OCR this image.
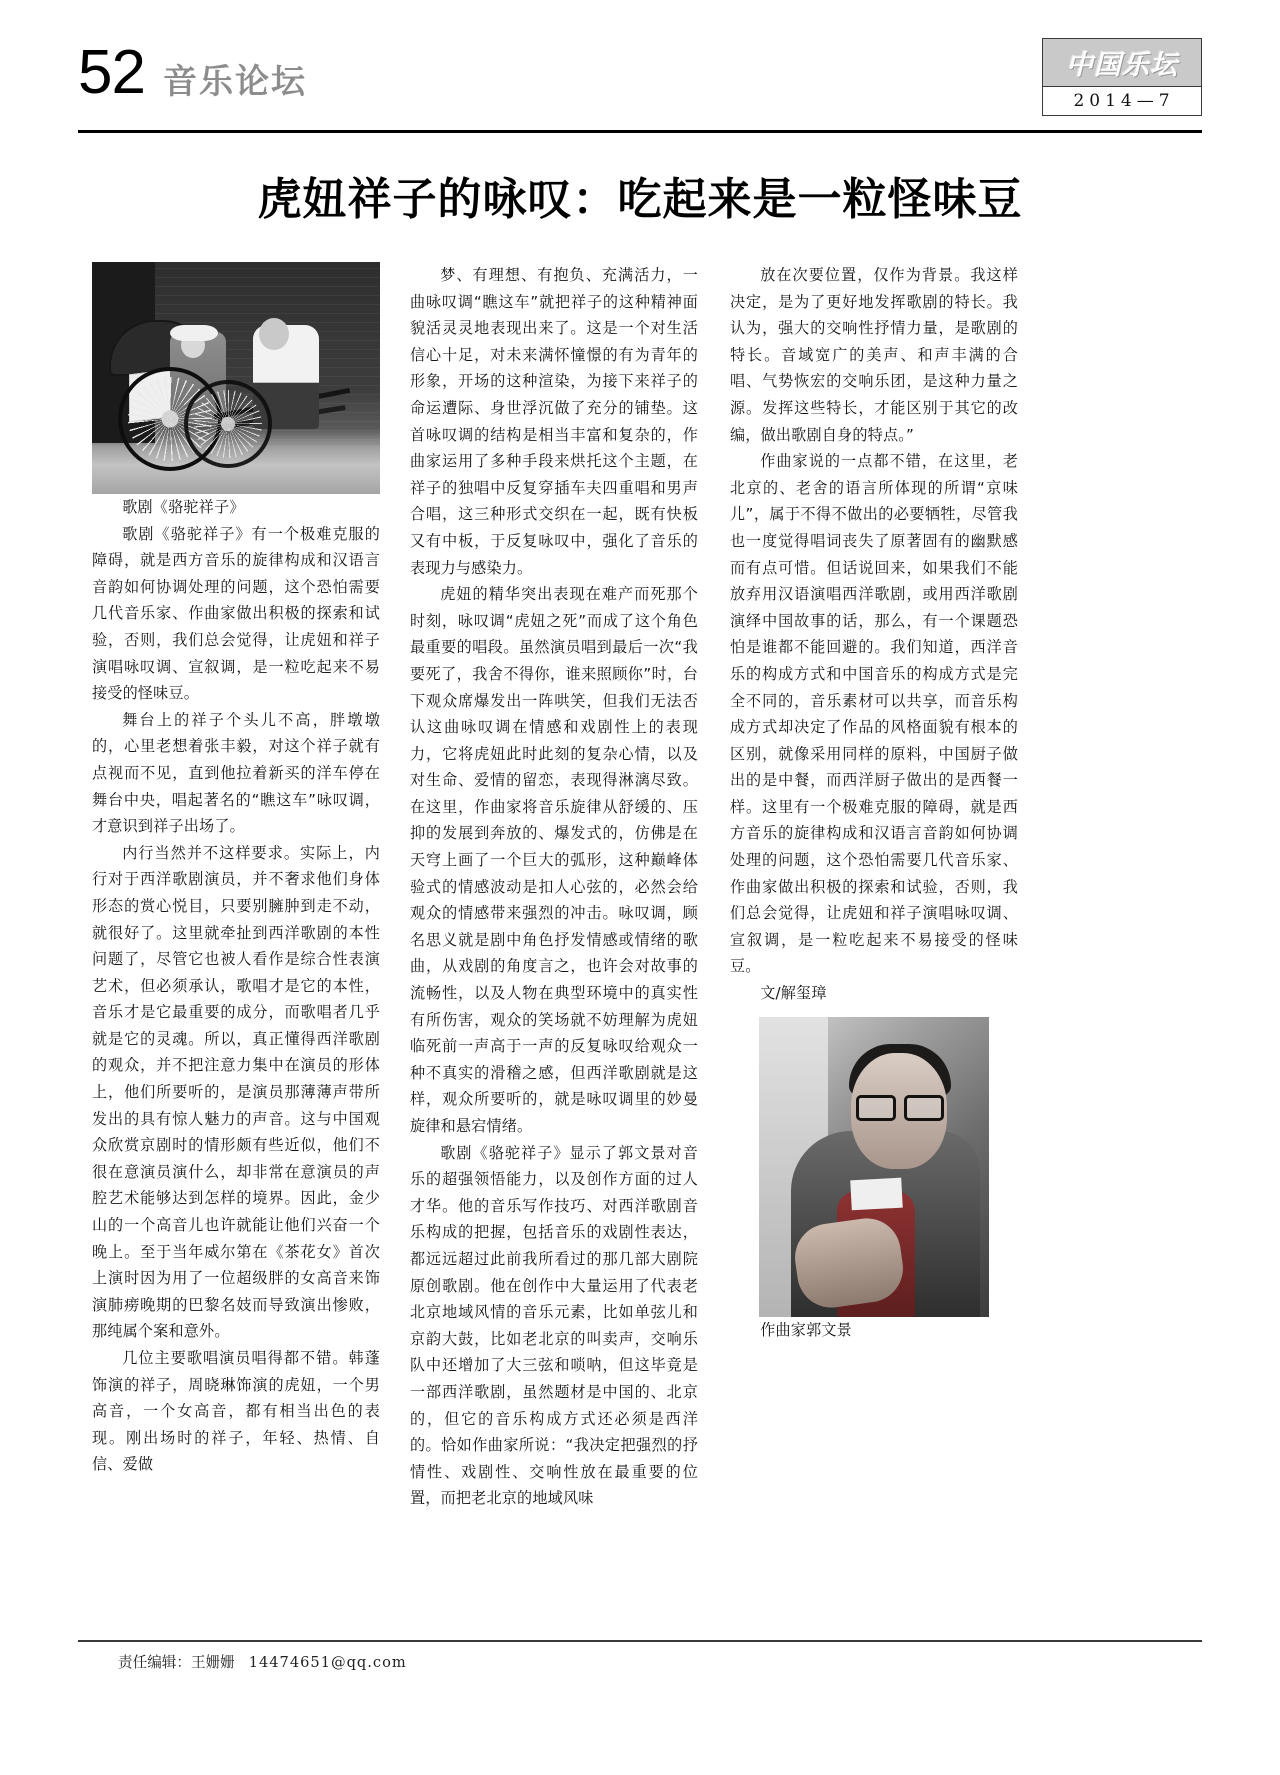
52 音乐论坛	中国乐坛
2014—7
虎妞祥子的咏叹：吃起来是一粒怪味豆

歌剧《骆驼祥子》

歌剧《骆驼祥子》有一个极难克服的障碍，就是西方音乐的旋律构成和汉语言音韵如何协调处理的问题，这个恐怕需要几代音乐家、作曲家做出积极的探索和试验，否则，我们总会觉得，让虎妞和祥子演唱咏叹调、宣叙调，是一粒吃起来不易接受的怪味豆。

舞台上的祥子个头儿不高，胖墩墩的，心里老想着张丰毅，对这个祥子就有点视而不见，直到他拉着新买的洋车停在舞台中央，唱起著名的“瞧这车”咏叹调，才意识到祥子出场了。

内行当然并不这样要求。实际上，内行对于西洋歌剧演员，并不奢求他们身体形态的赏心悦目，只要别臃肿到走不动，就很好了。这里就牵扯到西洋歌剧的本性问题了，尽管它也被人看作是综合性表演艺术，但必须承认，歌唱才是它的本性，音乐才是它最重要的成分，而歌唱者几乎就是它的灵魂。所以，真正懂得西洋歌剧的观众，并不把注意力集中在演员的形体上，他们所要听的，是演员那薄薄声带所发出的具有惊人魅力的声音。这与中国观众欣赏京剧时的情形颇有些近似，他们不很在意演员演什么，却非常在意演员的声腔艺术能够达到怎样的境界。因此，金少山的一个高音儿也许就能让他们兴奋一个晚上。至于当年威尔第在《茶花女》首次上演时因为用了一位超级胖的女高音来饰演肺痨晚期的巴黎名妓而导致演出惨败，那纯属个案和意外。

几位主要歌唱演员唱得都不错。韩蓬饰演的祥子，周晓琳饰演的虎妞，一个男高音，一个女高音，都有相当出色的表现。刚出场时的祥子，年轻、热情、自信、爱做

梦、有理想、有抱负、充满活力，一曲咏叹调“瞧这车”就把祥子的这种精神面貌活灵灵地表现出来了。这是一个对生活信心十足，对未来满怀憧憬的有为青年的形象，开场的这种渲染，为接下来祥子的命运遭际、身世浮沉做了充分的铺垫。这首咏叹调的结构是相当丰富和复杂的，作曲家运用了多种手段来烘托这个主题，在祥子的独唱中反复穿插车夫四重唱和男声合唱，这三种形式交织在一起，既有快板又有中板，于反复咏叹中，强化了音乐的表现力与感染力。

虎妞的精华突出表现在难产而死那个时刻，咏叹调“虎妞之死”而成了这个角色最重要的唱段。虽然演员唱到最后一次“我要死了，我舍不得你，谁来照顾你”时，台下观众席爆发出一阵哄笑，但我们无法否认这曲咏叹调在情感和戏剧性上的表现力，它将虎妞此时此刻的复杂心情，以及对生命、爱情的留恋，表现得淋漓尽致。在这里，作曲家将音乐旋律从舒缓的、压抑的发展到奔放的、爆发式的，仿佛是在天穹上画了一个巨大的弧形，这种巅峰体验式的情感波动是扣人心弦的，必然会给观众的情感带来强烈的冲击。咏叹调，顾名思义就是剧中角色抒发情感或情绪的歌曲，从戏剧的角度言之，也许会对故事的流畅性，以及人物在典型环境中的真实性有所伤害，观众的笑场就不妨理解为虎妞临死前一声高于一声的反复咏叹给观众一种不真实的滑稽之感，但西洋歌剧就是这样，观众所要听的，就是咏叹调里的妙曼旋律和悬宕情绪。

歌剧《骆驼祥子》显示了郭文景对音乐的超强领悟能力，以及创作方面的过人才华。他的音乐写作技巧、对西洋歌剧音乐构成的把握，包括音乐的戏剧性表达，都远远超过此前我所看过的那几部大剧院原创歌剧。他在创作中大量运用了代表老北京地域风情的音乐元素，比如单弦儿和京韵大鼓，比如老北京的叫卖声，交响乐队中还增加了大三弦和唢呐，但这毕竟是一部西洋歌剧，虽然题材是中国的、北京的，但它的音乐构成方式还必须是西洋的。恰如作曲家所说：“我决定把强烈的抒情性、戏剧性、交响性放在最重要的位置，而把老北京的地域风味

放在次要位置，仅作为背景。我这样决定，是为了更好地发挥歌剧的特长。我认为，强大的交响性抒情力量，是歌剧的特长。音域宽广的美声、和声丰满的合唱、气势恢宏的交响乐团，是这种力量之源。发挥这些特长，才能区别于其它的改编，做出歌剧自身的特点。”

作曲家说的一点都不错，在这里，老北京的、老舍的语言所体现的所谓“京味儿”，属于不得不做出的必要牺牲，尽管我也一度觉得唱词丧失了原著固有的幽默感而有点可惜。但话说回来，如果我们不能放弃用汉语演唱西洋歌剧，或用西洋歌剧演绎中国故事的话，那么，有一个课题恐怕是谁都不能回避的。我们知道，西洋音乐的构成方式和中国音乐的构成方式是完全不同的，音乐素材可以共享，而音乐构成方式却决定了作品的风格面貌有根本的区别，就像采用同样的原料，中国厨子做出的是中餐，而西洋厨子做出的是西餐一样。这里有一个极难克服的障碍，就是西方音乐的旋律构成和汉语言音韵如何协调处理的问题，这个恐怕需要几代音乐家、作曲家做出积极的探索和试验，否则，我们总会觉得，让虎妞和祥子演唱咏叹调、宣叙调，是一粒吃起来不易接受的怪味豆。

文/解玺璋

作曲家郭文景

责任编辑：王姗姗 14474651@qq.com
